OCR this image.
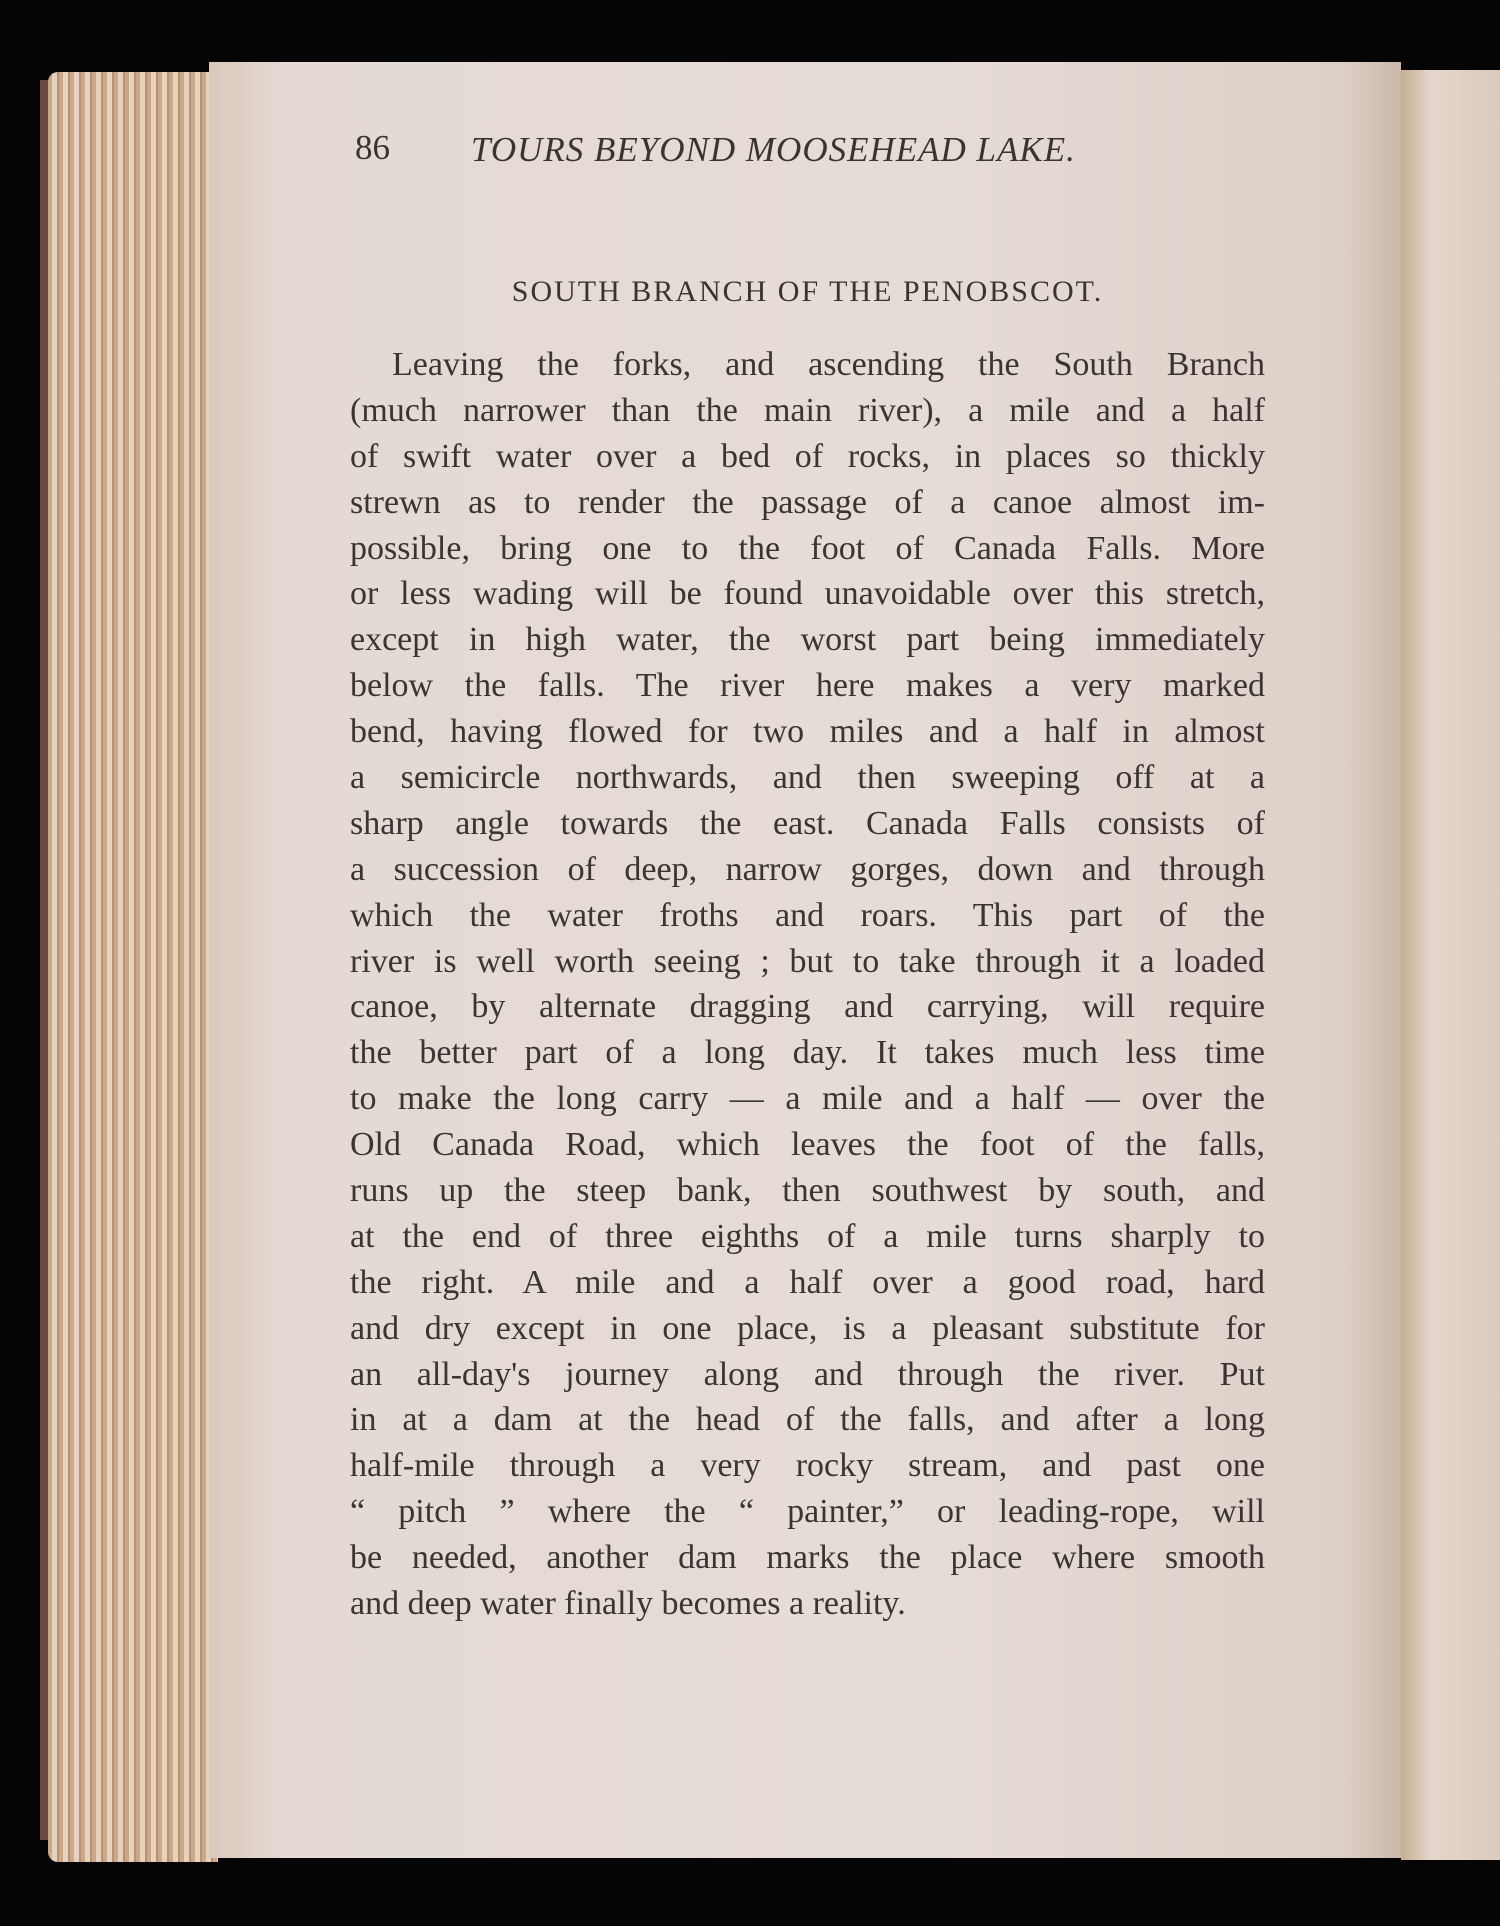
86 TOURS BEYOND MOOSEHEAD LAKE.
SOUTH BRANCH OF THE PENOBSCOT.
Leaving the forks, and ascending the South Branch
(much narrower than the main river), a mile and a half
of swift water over a bed of rocks, in places so thickly
strewn as to render the passage of a canoe almost im-
possible, bring one to the foot of Canada Falls. More
or less wading will be found unavoidable over this stretch,
except in high water, the worst part being immediately
below the falls. The river here makes a very marked
bend, having flowed for two miles and a half in almost
a semicircle northwards, and then sweeping off at a
sharp angle towards the east. Canada Falls consists of
a succession of deep, narrow gorges, down and through
which the water froths and roars. This part of the
river is well worth seeing ; but to take through it a loaded
canoe, by alternate dragging and carrying, will require
the better part of a long day. It takes much less time
to make the long carry — a mile and a half — over the
Old Canada Road, which leaves the foot of the falls,
runs up the steep bank, then southwest by south, and
at the end of three eighths of a mile turns sharply to
the right. A mile and a half over a good road, hard
and dry except in one place, is a pleasant substitute for
an all-day's journey along and through the river. Put
in at a dam at the head of the falls, and after a long
half-mile through a very rocky stream, and past one
“ pitch ” where the “ painter,” or leading-rope, will
be needed, another dam marks the place where smooth
and deep water finally becomes a reality.
